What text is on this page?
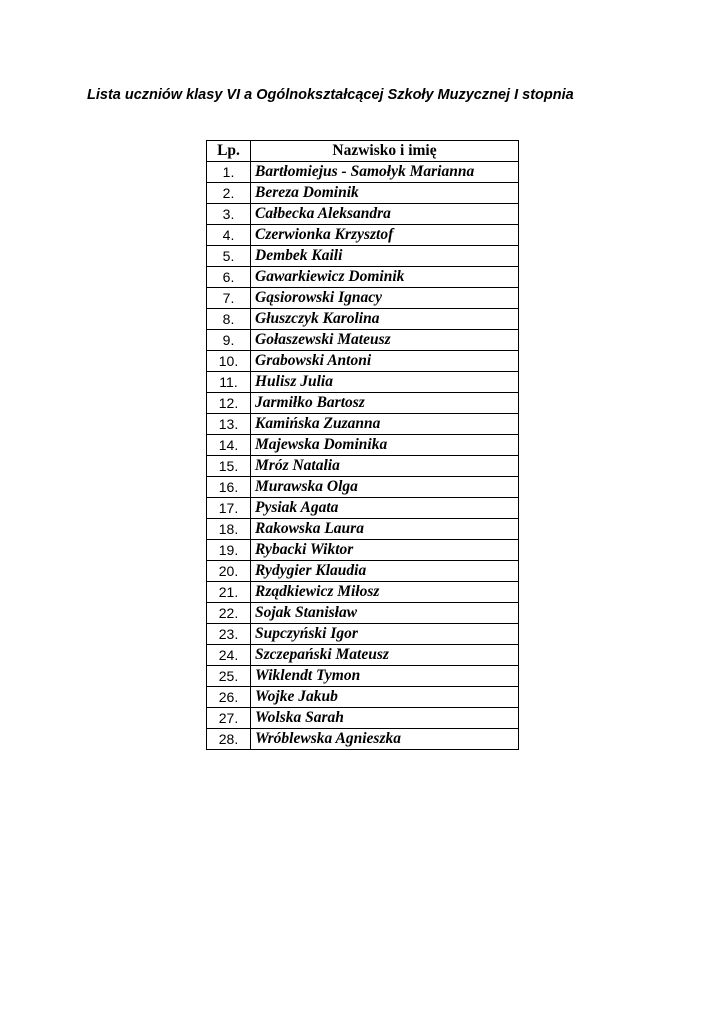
Lista uczniów klasy VI a Ogólnokształcącej Szkoły Muzycznej I stopnia

Lp.	Nazwisko i imię
1.	Bartłomiejus - Samołyk Marianna
2.	Bereza Dominik
3.	Całbecka Aleksandra
4.	Czerwionka Krzysztof
5.	Dembek Kaili
6.	Gawarkiewicz Dominik
7.	Gąsiorowski Ignacy
8.	Głuszczyk Karolina
9.	Gołaszewski Mateusz
10.	Grabowski Antoni
11.	Hulisz Julia
12.	Jarmiłko Bartosz
13.	Kamińska Zuzanna
14.	Majewska Dominika
15.	Mróz Natalia
16.	Murawska Olga
17.	Pysiak Agata
18.	Rakowska Laura
19.	Rybacki Wiktor
20.	Rydygier Klaudia
21.	Rządkiewicz Miłosz
22.	Sojak Stanisław
23.	Supczyński Igor
24.	Szczepański Mateusz
25.	Wiklendt Tymon
26.	Wojke Jakub
27.	Wolska Sarah
28.	Wróblewska Agnieszka
